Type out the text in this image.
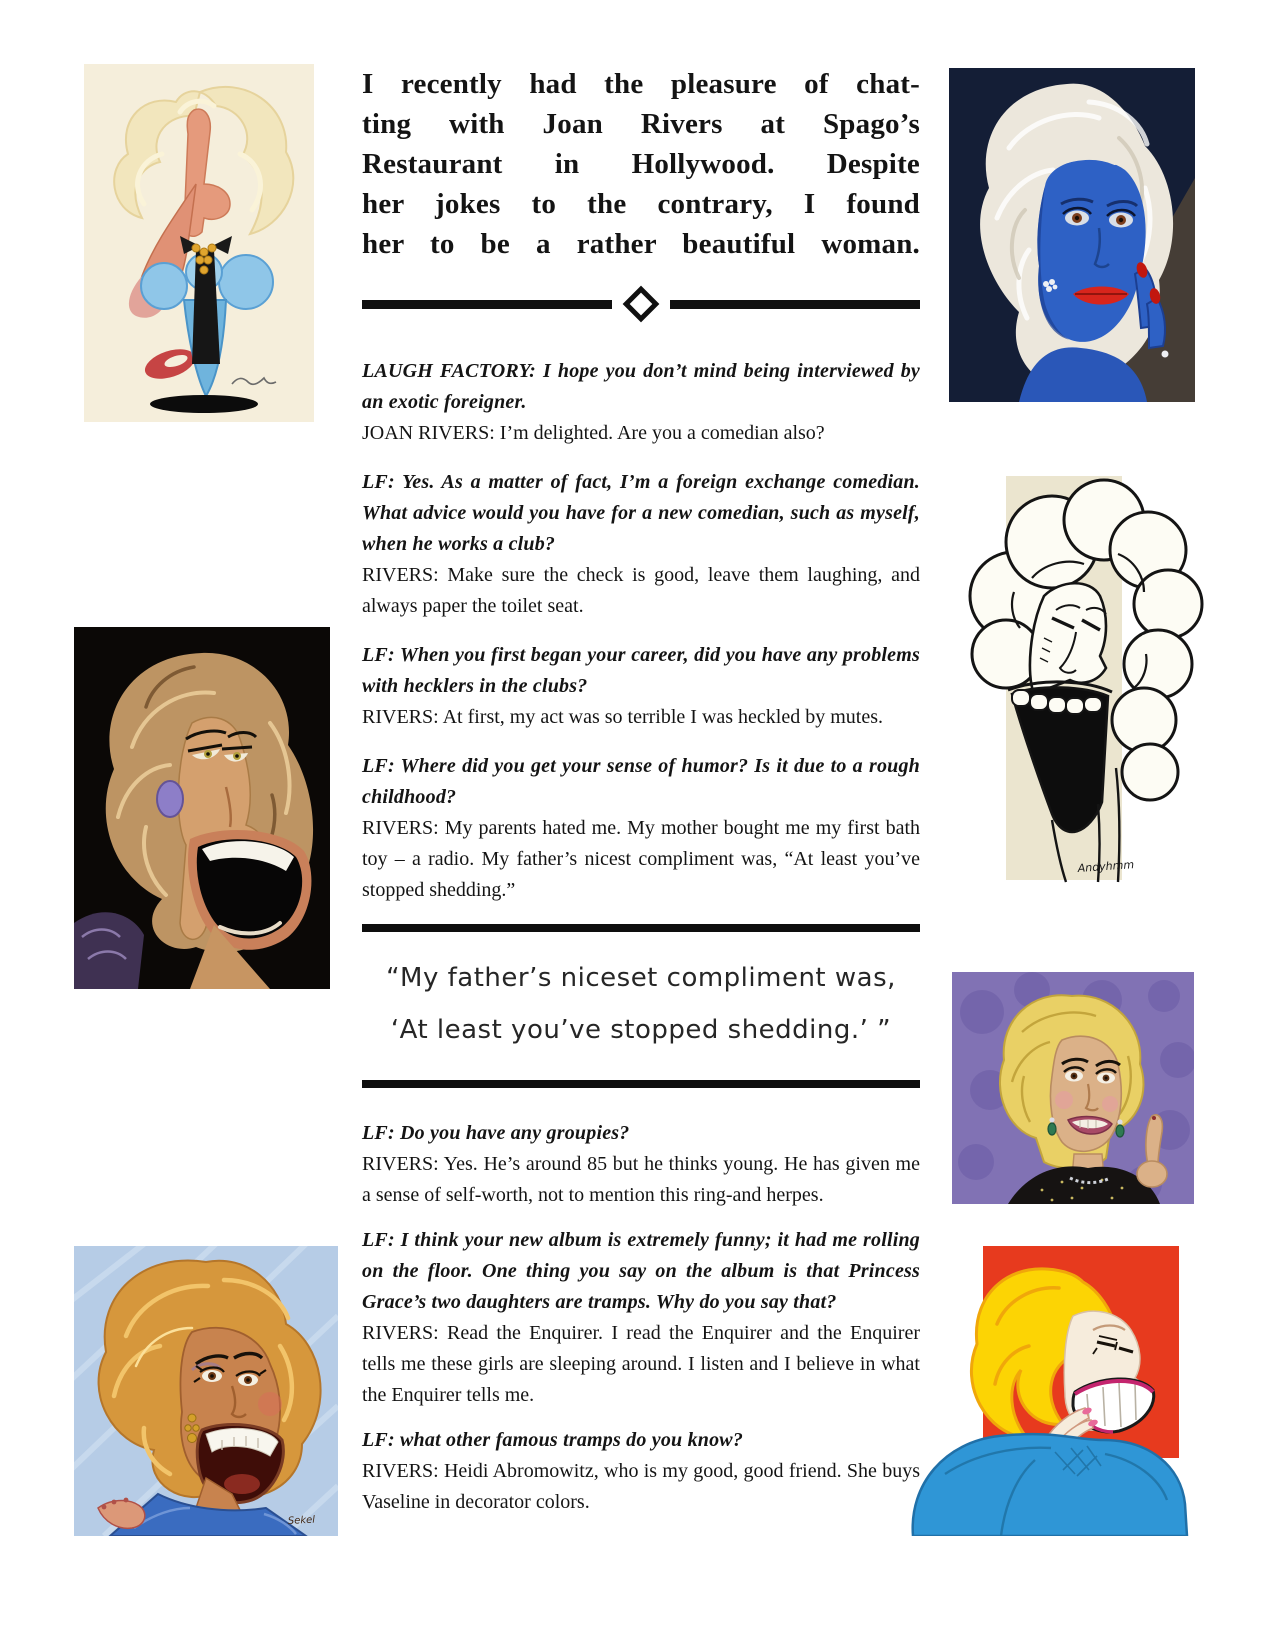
I recently had the pleasure of chat-
ting with Joan Rivers at Spago’s
Restaurant in Hollywood. Despite
her jokes to the contrary, I found
her to be a rather beautiful woman.
LAUGH FACTORY: I hope you don’t mind being interviewed by an exotic foreigner.
JOAN RIVERS: I’m delighted. Are you a comedian also?
LF: Yes. As a matter of fact, I’m a foreign exchange comedian. What advice would you have for a new comedian, such as myself, when he works a club?
RIVERS: Make sure the check is good, leave them laughing, and always paper the toilet seat.
LF: When you first began your career, did you have any problems with hecklers in the clubs?
RIVERS: At first, my act was so terrible I was heckled by mutes.
LF: Where did you get your sense of humor? Is it due to a rough childhood?
RIVERS: My parents hated me. My mother bought me my first bath toy – a radio. My father’s nicest compliment was, “At least you’ve stopped shedding.”
“My father’s niceset compliment was,
‘At least you’ve stopped shedding.’ ”
LF: Do you have any groupies?
RIVERS: Yes. He’s around 85 but he thinks young. He has given me a sense of self-worth, not to mention this ring-and herpes.
LF: I think your new album is extremely funny; it had me rolling on the floor. One thing you say on the album is that Princess Grace’s two daughters are tramps. Why do you say that?
RIVERS: Read the Enquirer. I read the Enquirer and the Enquirer tells me these girls are sleeping around. I listen and I believe in what the Enquirer tells me.
LF: what other famous tramps do you know?
RIVERS: Heidi Abromowitz, who is my good, good friend. She buys Vaseline in decorator colors.
Andyhmm
Sekel
